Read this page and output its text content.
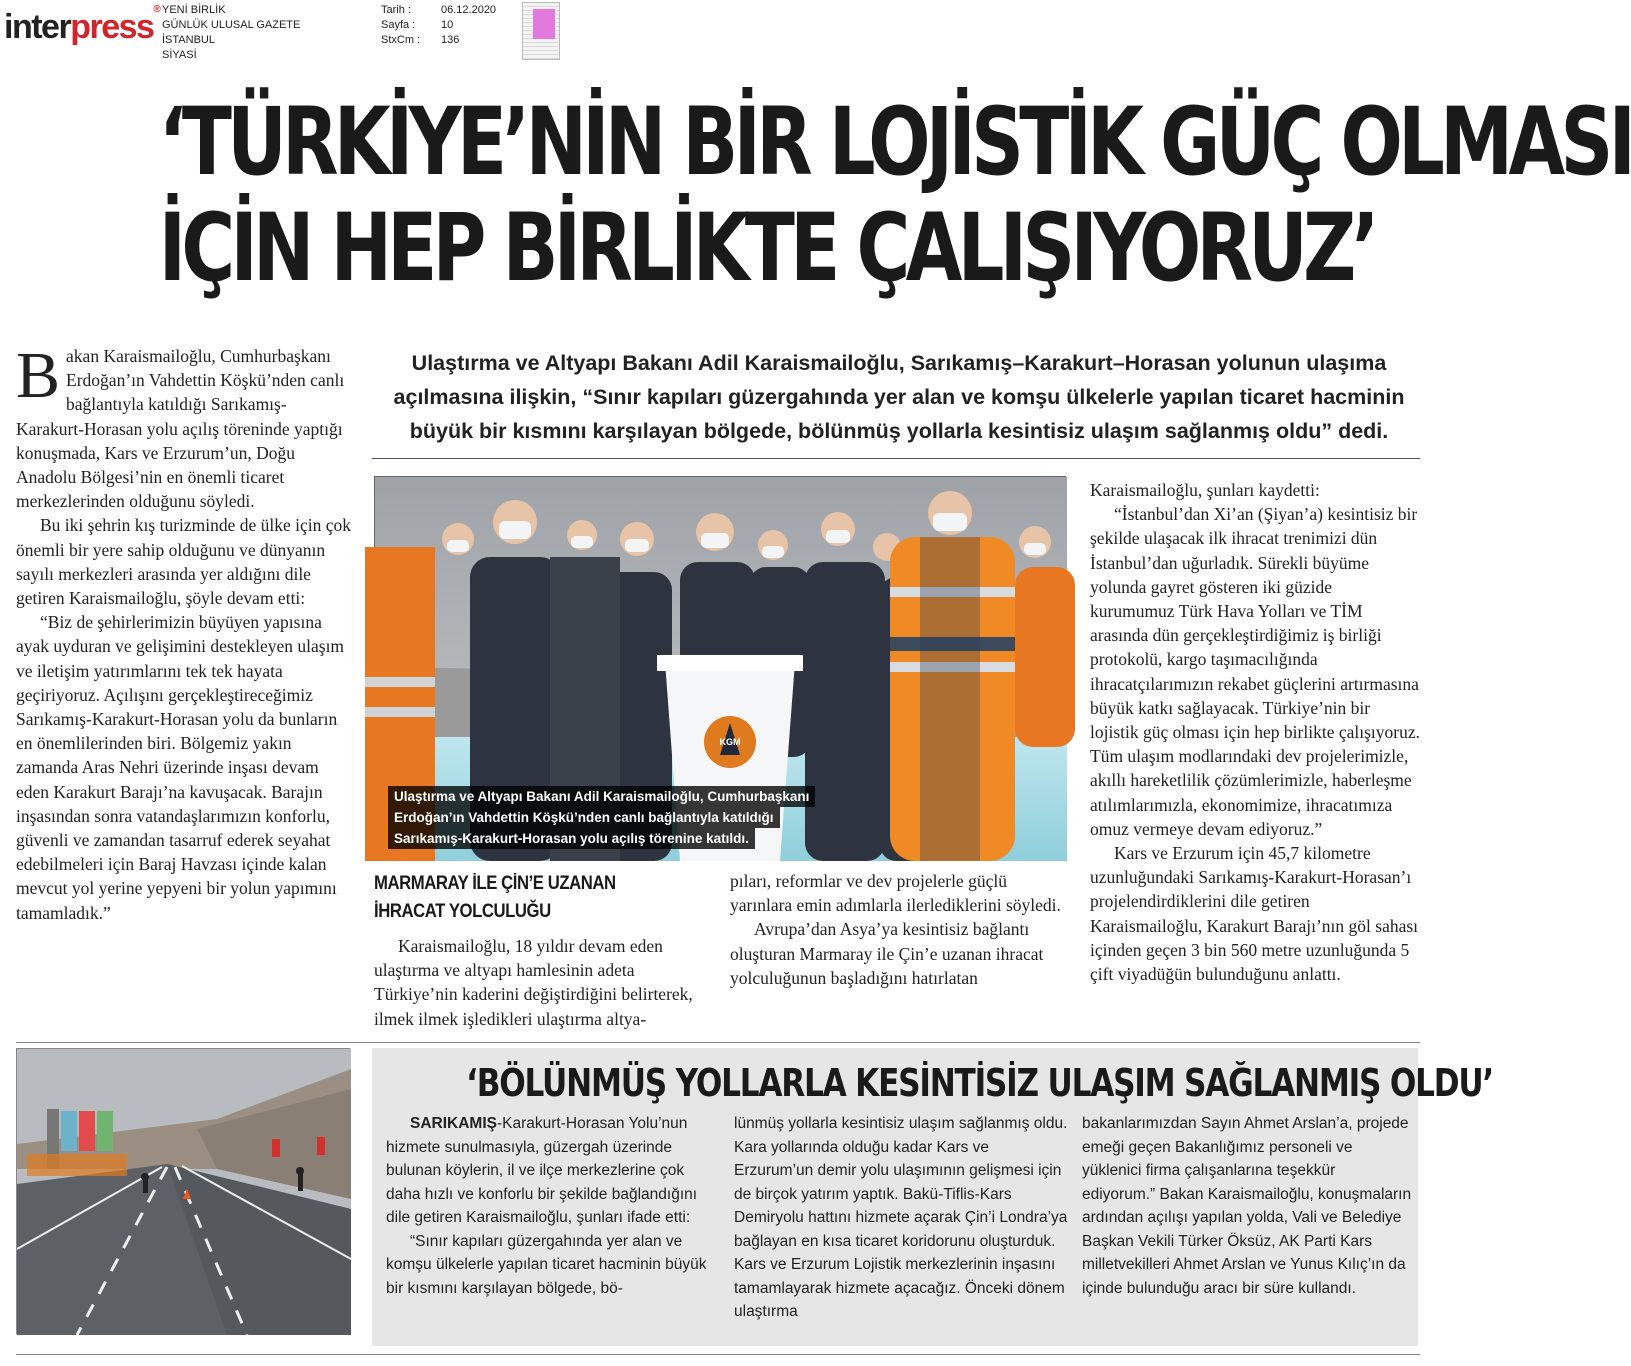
interpress® YENİ BİRLİK
GÜNLÜK ULUSAL GAZETE
İSTANBUL
SİYASİ
Tarih :	06.12.2020
Sayfa :	10
StxCm :	136
‘TÜRKİYE’NİN BİR LOJİSTİK GÜÇ OLMASI
İÇİN HEP BİRLİKTE ÇALIŞIYORUZ’
B akan Karaismailoğlu, Cumhurbaşkanı Erdoğan’ın Vahdettin Köşkü’nden canlı bağlantıyla katıldığı Sarıkamış-Karakurt-Horasan yolu açılış töreninde yaptığı konuşmada, Kars ve Erzurum’un, Doğu Anadolu Bölgesi’nin en önemli ticaret merkezlerinden olduğunu söyledi.

Bu iki şehrin kış turizminde de ülke için çok önemli bir yere sahip olduğunu ve dünyanın sayılı merkezleri arasında yer aldığını dile getiren Karaismailoğlu, şöyle devam etti:

“Biz de şehirlerimizin büyüyen yapısına ayak uyduran ve gelişimini destekleyen ulaşım ve iletişim yatırımlarını tek tek hayata geçiriyoruz. Açılışını gerçekleştireceğimiz Sarıkamış-Karakurt-Horasan yolu da bunların en önemlilerinden biri. Bölgemiz yakın zamanda Aras Nehri üzerinde inşası devam eden Karakurt Barajı’na kavuşacak. Barajın inşasından sonra vatandaşlarımızın konforlu, güvenli ve zamandan tasarruf ederek seyahat edebilmeleri için Baraj Havzası içinde kalan mevcut yol yerine yepyeni bir yolun yapımını tamamladık.”

Ulaştırma ve Altyapı Bakanı Adil Karaismailoğlu, Sarıkamış–Karakurt–Horasan yolunun ulaşıma açılmasına ilişkin, “Sınır kapıları güzergahında yer alan ve komşu ülkelerle yapılan ticaret hacminin büyük bir kısmını karşılayan bölgede, bölünmüş yollarla kesintisiz ulaşım sağlanmış oldu” dedi.
KGM
Ulaştırma ve Altyapı Bakanı Adil Karaismailoğlu, Cumhurbaşkanı
Erdoğan’ın Vahdettin Köşkü’nden canlı bağlantıyla katıldığı
Sarıkamış-Karakurt-Horasan yolu açılış törenine katıldı.

Karaismailoğlu, şunları kaydetti:

“İstanbul’dan Xi’an (Şiyan’a) kesintisiz bir şekilde ulaşacak ilk ihracat trenimizi dün İstanbul’dan uğurladık. Sürekli büyüme yolunda gayret gösteren iki güzide kurumumuz Türk Hava Yolları ve TİM arasında dün gerçekleştirdiğimiz iş birliği protokolü, kargo taşımacılığında ihracatçılarımızın rekabet güçlerini artırmasına büyük katkı sağlayacak. Türkiye’nin bir lojistik güç olması için hep birlikte çalışıyoruz. Tüm ulaşım modlarındaki dev projelerimizle, akıllı hareketlilik çözümlerimizle, haberleşme atılımlarımızla, ekonomimize, ihracatımıza omuz vermeye devam ediyoruz.”

Kars ve Erzurum için 45,7 kilometre uzunluğundaki Sarıkamış-Karakurt-Horasan’ı projelendirdiklerini dile getiren Karaismailoğlu, Karakurt Barajı’nın göl sahası içinden geçen 3 bin 560 metre uzunluğunda 5 çift viyadüğün bulunduğunu anlattı.

MARMARAY İLE ÇİN’E UZANAN
İHRACAT YOLCULUĞU

Karaismailoğlu, 18 yıldır devam eden ulaştırma ve altyapı hamlesinin adeta Türkiye’nin kaderini değiştirdiğini belirterek, ilmek ilmek işledikleri ulaştırma altya-

pıları, reformlar ve dev projelerle güçlü yarınlara emin adımlarla ilerlediklerini söyledi.

Avrupa’dan Asya’ya kesintisiz bağlantı oluşturan Marmaray ile Çin’e uzanan ihracat yolculuğunun başladığını hatırlatan

‘BÖLÜNMÜŞ YOLLARLA KESİNTİSİZ ULAŞIM SAĞLANMIŞ OLDU’

SARIKAMIŞ-Karakurt-Horasan Yolu’nun hizmete sunulmasıyla, güzergah üzerinde bulunan köylerin, il ve ilçe merkezlerine çok daha hızlı ve konforlu bir şekilde bağlandığını dile getiren Karaismailoğlu, şunları ifade etti:

“Sınır kapıları güzergahında yer alan ve komşu ülkelerle yapılan ticaret hacminin büyük bir kısmını karşılayan bölgede, bö-

lünmüş yollarla kesintisiz ulaşım sağlanmış oldu. Kara yollarında olduğu kadar Kars ve Erzurum’un demir yolu ulaşımının gelişmesi için de birçok yatırım yaptık. Bakü-Tiflis-Kars Demiryolu hattını hizmete açarak Çin’i Londra’ya bağlayan en kısa ticaret koridorunu oluşturduk. Kars ve Erzurum Lojistik merkezlerinin inşasını tamamlayarak hizmete açacağız. Önceki dönem ulaştırma

bakanlarımızdan Sayın Ahmet Arslan’a, projede emeği geçen Bakanlığımız personeli ve yüklenici firma çalışanlarına teşekkür ediyorum.” Bakan Karaismailoğlu, konuşmaların ardından açılışı yapılan yolda, Vali ve Belediye Başkan Vekili Türker Öksüz, AK Parti Kars milletvekilleri Ahmet Arslan ve Yunus Kılıç’ın da içinde bulunduğu aracı bir süre kullandı.
